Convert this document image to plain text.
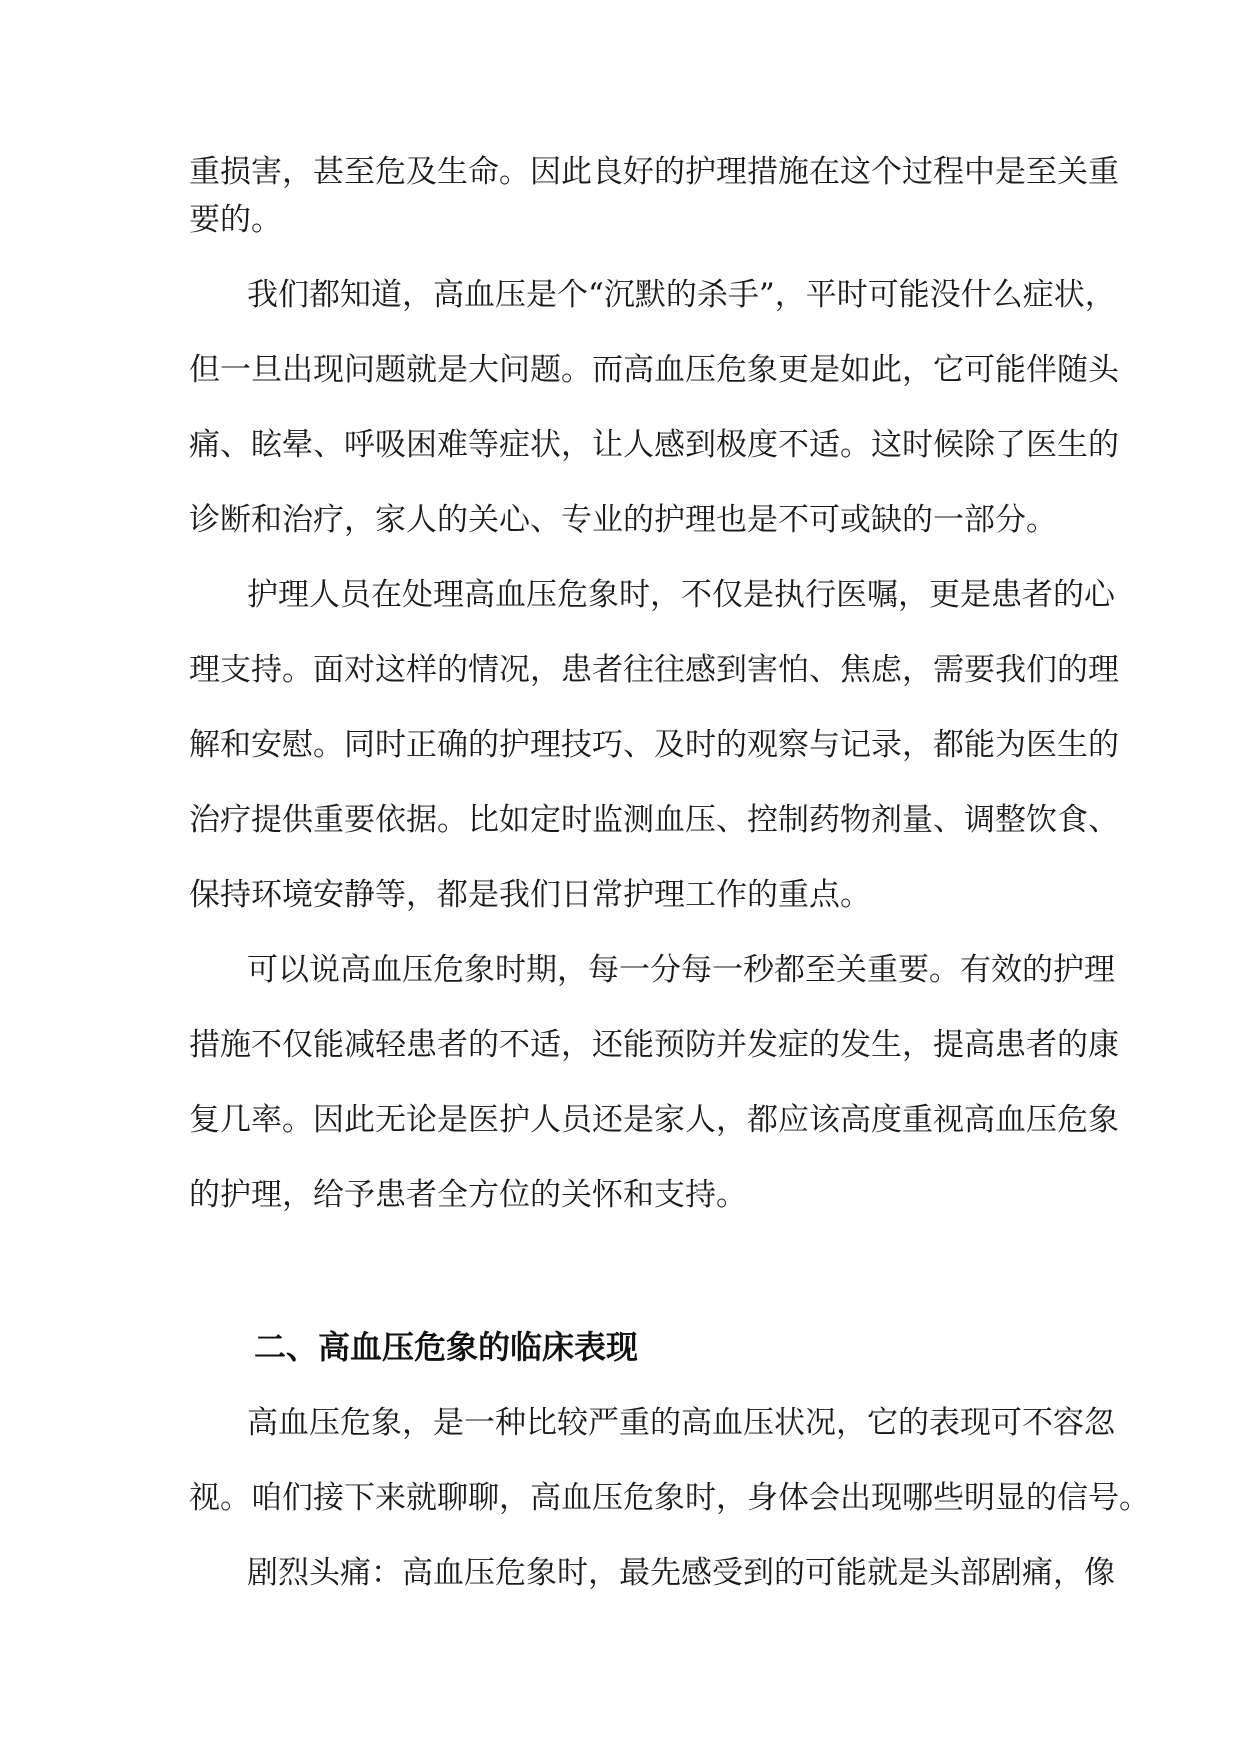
重损害，甚至危及生命。因此良好的护理措施在这个过程中是至关重
要的。
我们都知道，高血压是个“沉默的杀手”，平时可能没什么症状，
但一旦出现问题就是大问题。而高血压危象更是如此，它可能伴随头
痛、眩晕、呼吸困难等症状，让人感到极度不适。这时候除了医生的
诊断和治疗，家人的关心、专业的护理也是不可或缺的一部分。
护理人员在处理高血压危象时，不仅是执行医嘱，更是患者的心
理支持。面对这样的情况，患者往往感到害怕、焦虑，需要我们的理
解和安慰。同时正确的护理技巧、及时的观察与记录，都能为医生的
治疗提供重要依据。比如定时监测血压、控制药物剂量、调整饮食、
保持环境安静等，都是我们日常护理工作的重点。
可以说高血压危象时期，每一分每一秒都至关重要。有效的护理
措施不仅能减轻患者的不适，还能预防并发症的发生，提高患者的康
复几率。因此无论是医护人员还是家人，都应该高度重视高血压危象
的护理，给予患者全方位的关怀和支持。
二、高血压危象的临床表现
高血压危象，是一种比较严重的高血压状况，它的表现可不容忽
视。咱们接下来就聊聊，高血压危象时，身体会出现哪些明显的信号。
剧烈头痛：高血压危象时，最先感受到的可能就是头部剧痛，像
